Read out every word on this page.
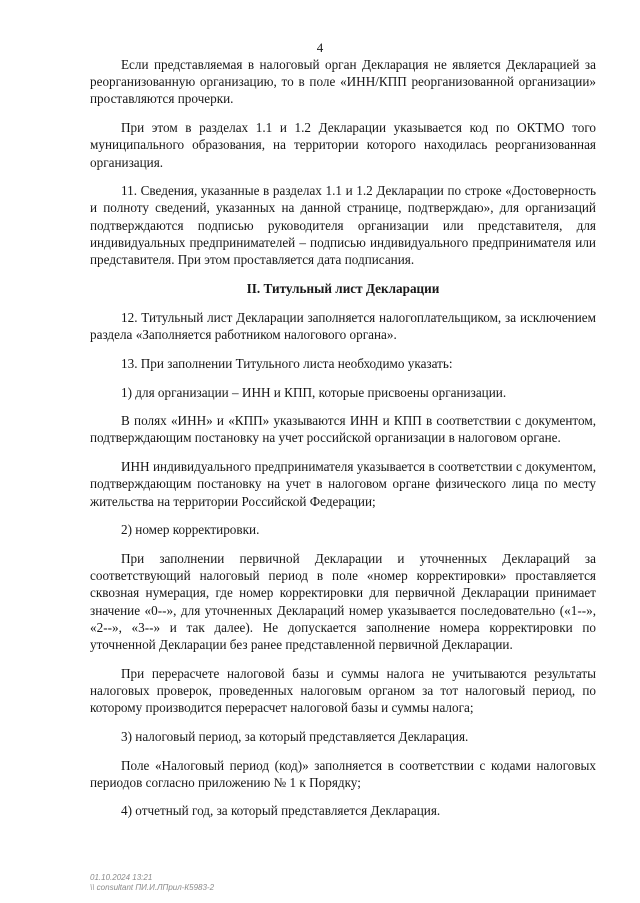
4

Если представляемая в налоговый орган Декларация не является Декларацией за реорганизованную организацию, то в поле «ИНН/КПП реорганизованной организации» проставляются прочерки.

При этом в разделах 1.1 и 1.2 Декларации указывается код по ОКТМО того муниципального образования, на территории которого находилась реорганизованная организация.

11. Сведения, указанные в разделах 1.1 и 1.2 Декларации по строке «Достоверность и полноту сведений, указанных на данной странице, подтверждаю», для организаций подтверждаются подписью руководителя организации или представителя, для индивидуальных предпринимателей – подписью индивидуального предпринимателя или представителя. При этом проставляется дата подписания.

II. Титульный лист Декларации

12. Титульный лист Декларации заполняется налогоплательщиком, за исключением раздела «Заполняется работником налогового органа».

13. При заполнении Титульного листа необходимо указать:

1) для организации – ИНН и КПП, которые присвоены организации.

В полях «ИНН» и «КПП» указываются ИНН и КПП в соответствии с документом, подтверждающим постановку на учет российской организации в налоговом органе.

ИНН индивидуального предпринимателя указывается в соответствии с документом, подтверждающим постановку на учет в налоговом органе физического лица по месту жительства на территории Российской Федерации;

2) номер корректировки.

При заполнении первичной Декларации и уточненных Деклараций за соответствующий налоговый период в поле «номер корректировки» проставляется сквозная нумерация, где номер корректировки для первичной Декларации принимает значение «0--», для уточненных Деклараций номер указывается последовательно («1--», «2--», «3--» и так далее). Не допускается заполнение номера корректировки по уточненной Декларации без ранее представленной первичной Декларации.

При перерасчете налоговой базы и суммы налога не учитываются результаты налоговых проверок, проведенных налоговым органом за тот налоговый период, по которому производится перерасчет налоговой базы и суммы налога;

3) налоговый период, за который представляется Декларация.

Поле «Налоговый период (код)» заполняется в соответствии с кодами налоговых периодов согласно приложению № 1 к Порядку;

4) отчетный год, за который представляется Декларация.

01.10.2024 13:21
\\ consultant ПИ.И.ЛПрил-К5983-2
